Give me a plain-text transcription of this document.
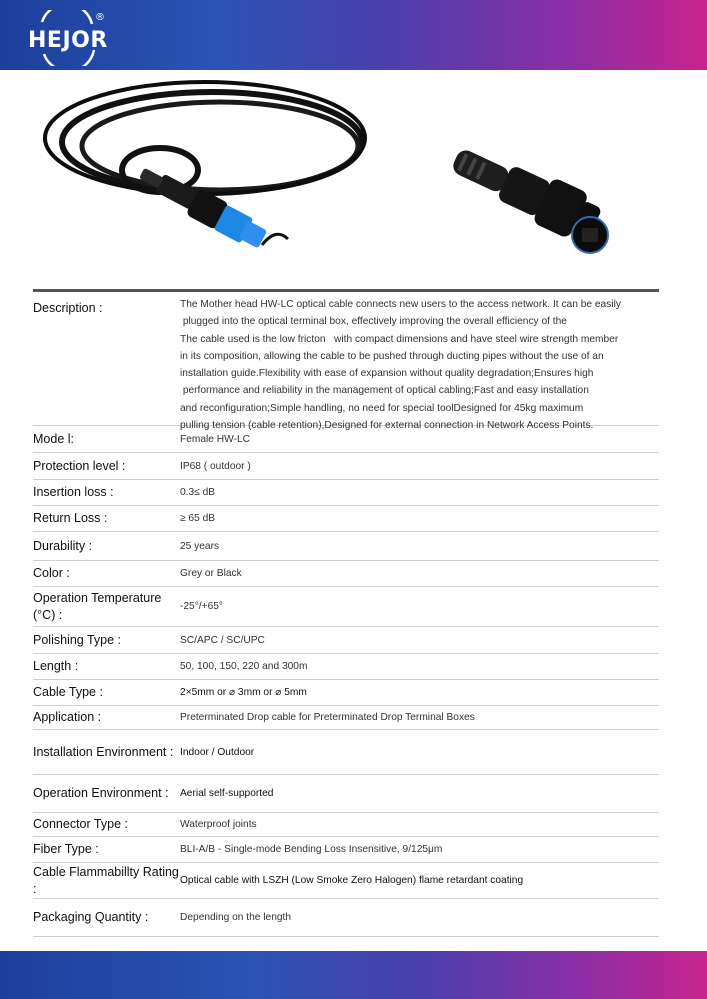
HEJOR
®
Description :	The Mother head HW-LC optical cable connects new users to the access network. It can be easily

plugged into the optical terminal box, effectively improving the overall efficiency of the

The cable used is the low fricton   with compact dimensions and have steel wire strength member

in its composition, allowing the cable to be pushed through ducting pipes without the use of an

installation guide.Flexibility with ease of expansion without quality degradation;Ensures high

performance and reliability in the management of optical cabling;Fast and easy installation

and reconfiguration;Simple handling, no need for special toolDesigned for 45kg maximum

pulling tension (cable retention),Designed for external connection in Network Access Points.

Mode l:	Female HW-LC
Protection level :	IP68 ( outdoor )
Insertion loss :	0.3≤ dB
Return Loss :	≥ 65 dB
Durability :	25 years
Color :	Grey or Black
Operation Temperature (°C) :
-25°/+65°
Polishing Type :	SC/APC / SC/UPC
Length :	50, 100, 150, 220 and 300m
Cable Type :	2×5mm or ⌀ 3mm or ⌀ 5mm
Application :	Preterminated Drop cable for Preterminated Drop Terminal Boxes
Installation Environment : Indoor / Outdoor
Operation Environment :	Aerial self-supported
Connector Type :	Waterproof joints
Fiber Type :	BLI-A/B - Single-mode Bending Loss Insensitive, 9/125μm
Cable Flammabillty Rating :
Optical cable with LSZH (Low Smoke Zero Halogen) flame retardant coating
Packaging Quantity :	Depending on the length
